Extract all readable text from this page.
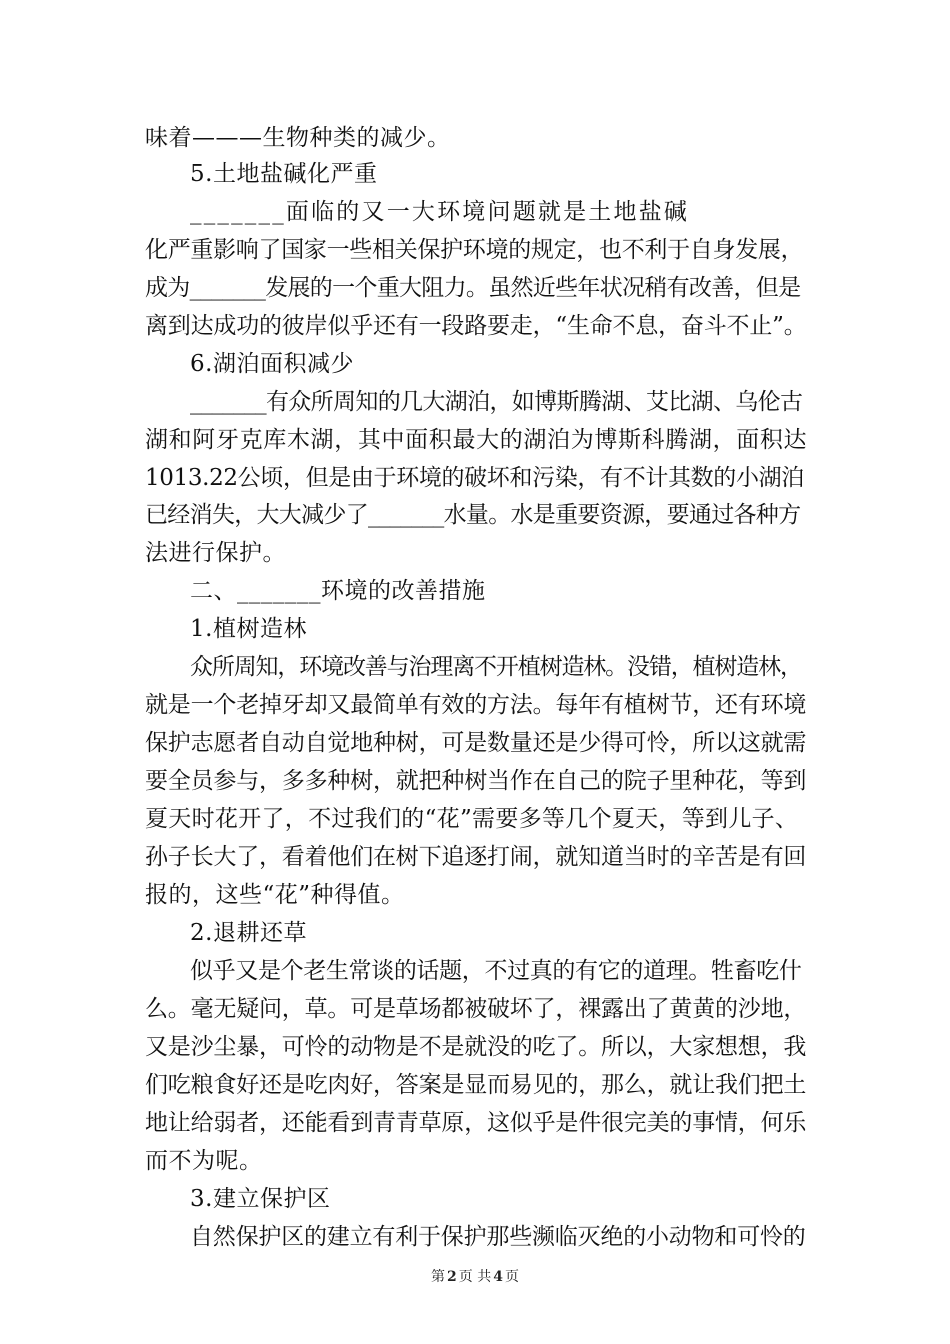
味着———生物种类的减少。
5.土地盐碱化严重
_______面临的又一大环境问题就是土地盐碱
化严重影响了国家一些相关保护环境的规定，也不利于自身发展，
成为_______发展的一个重大阻力。虽然近些年状况稍有改善，但是
离到达成功的彼岸似乎还有一段路要走，“生命不息，奋斗不止”。
6.湖泊面积减少
_______有众所周知的几大湖泊，如博斯腾湖、艾比湖、乌伦古
湖和阿牙克库木湖，其中面积最大的湖泊为博斯科腾湖，面积达
1013.22公顷，但是由于环境的破坏和污染，有不计其数的小湖泊
已经消失，大大减少了_______水量。水是重要资源，要通过各种方
法进行保护。
二、_______环境的改善措施
1.植树造林
众所周知，环境改善与治理离不开植树造林。没错，植树造林，
就是一个老掉牙却又最简单有效的方法。每年有植树节，还有环境
保护志愿者自动自觉地种树，可是数量还是少得可怜，所以这就需
要全员参与，多多种树，就把种树当作在自己的院子里种花，等到
夏天时花开了，不过我们的“花”需要多等几个夏天，等到儿子、
孙子长大了，看着他们在树下追逐打闹，就知道当时的辛苦是有回
报的，这些“花”种得值。
2.退耕还草
似乎又是个老生常谈的话题，不过真的有它的道理。牲畜吃什
么。毫无疑问，草。可是草场都被破坏了，裸露出了黄黄的沙地，
又是沙尘暴，可怜的动物是不是就没的吃了。所以，大家想想，我
们吃粮食好还是吃肉好，答案是显而易见的，那么，就让我们把土
地让给弱者，还能看到青青草原，这似乎是件很完美的事情，何乐
而不为呢。
3.建立保护区
自然保护区的建立有利于保护那些濒临灭绝的小动物和可怜的
第 2 页 共 4 页
